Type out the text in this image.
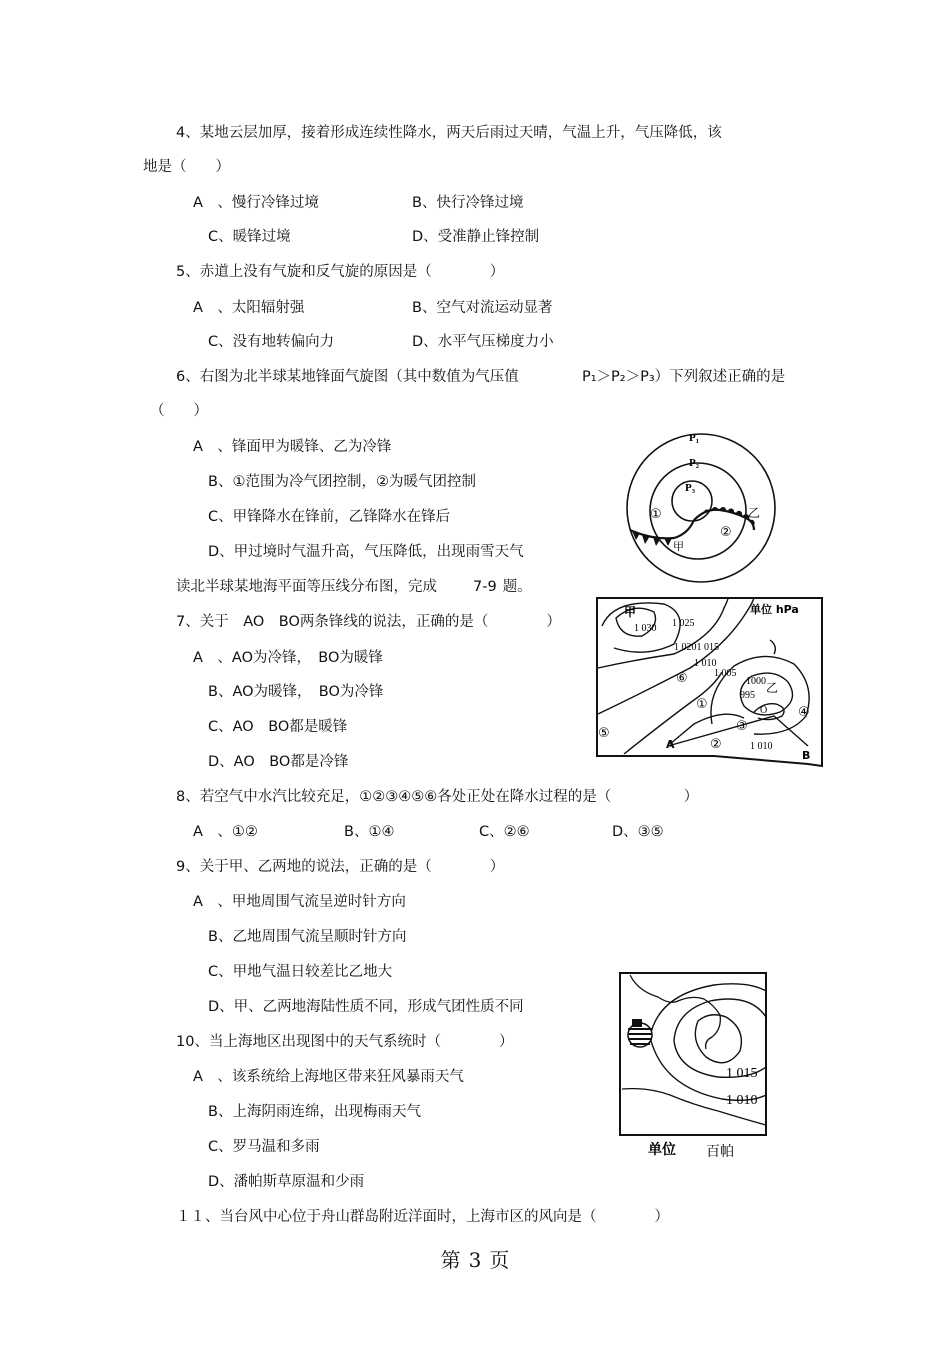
4、某地云层加厚，接着形成连续性降水，两天后雨过天晴，气温上升，气压降低，该
地是（　　）
A　、慢行冷锋过境	B、快行冷锋过境
C、暖锋过境	D、受准静止锋控制
5、赤道上没有气旋和反气旋的原因是（　　　　）
A　、太阳辐射强	B、空气对流运动显著
C、没有地转偏向力	D、水平气压梯度力小
6、右图为北半球某地锋面气旋图（其中数值为气压值	P₁＞P₂＞P₃）下列叙述正确的是
（　　）
A　、锋面甲为暖锋、乙为冷锋
B、①范围为冷气团控制，②为暖气团控制
C、甲锋降水在锋前，乙锋降水在锋后
D、甲过境时气温升高，气压降低，出现雨雪天气
读北半球某地海平面等压线分布图，完成 7-9 题。
7、关于　AO　BO两条锋线的说法，正确的是（　　　　）
A　、AO为冷锋，　BO为暖锋
B、AO为暖锋，　BO为冷锋
C、AO　BO都是暖锋
D、AO　BO都是冷锋
8、若空气中水汽比较充足，①②③④⑤⑥各处正处在降水过程的是（　　　　　）
A　、①②	B、①④	C、②⑥	D、③⑤
9、关于甲、乙两地的说法，正确的是（　　　　）
A　、甲地周围气流呈逆时针方向
B、乙地周围气流呈顺时针方向
C、甲地气温日较差比乙地大
D、甲、乙两地海陆性质不同，形成气团性质不同
10、当上海地区出现图中的天气系统时（　　　　）
A　、该系统给上海地区带来狂风暴雨天气
B、上海阴雨连绵，出现梅雨天气
C、罗马温和多雨
D、潘帕斯草原温和少雨
１１、当台风中心位于舟山群岛附近洋面时，上海市区的风向是（　　　　）
P₁
P₂
P₃
①
②
甲
乙
甲	单位 hPa
1 030 1 025
1 0201 015
1 010
1 005
1000
995
O
乙
1 010
①
②
③
④
⑤
⑥
A
B
1 015
1 010
单位 百帕
第 3 页
